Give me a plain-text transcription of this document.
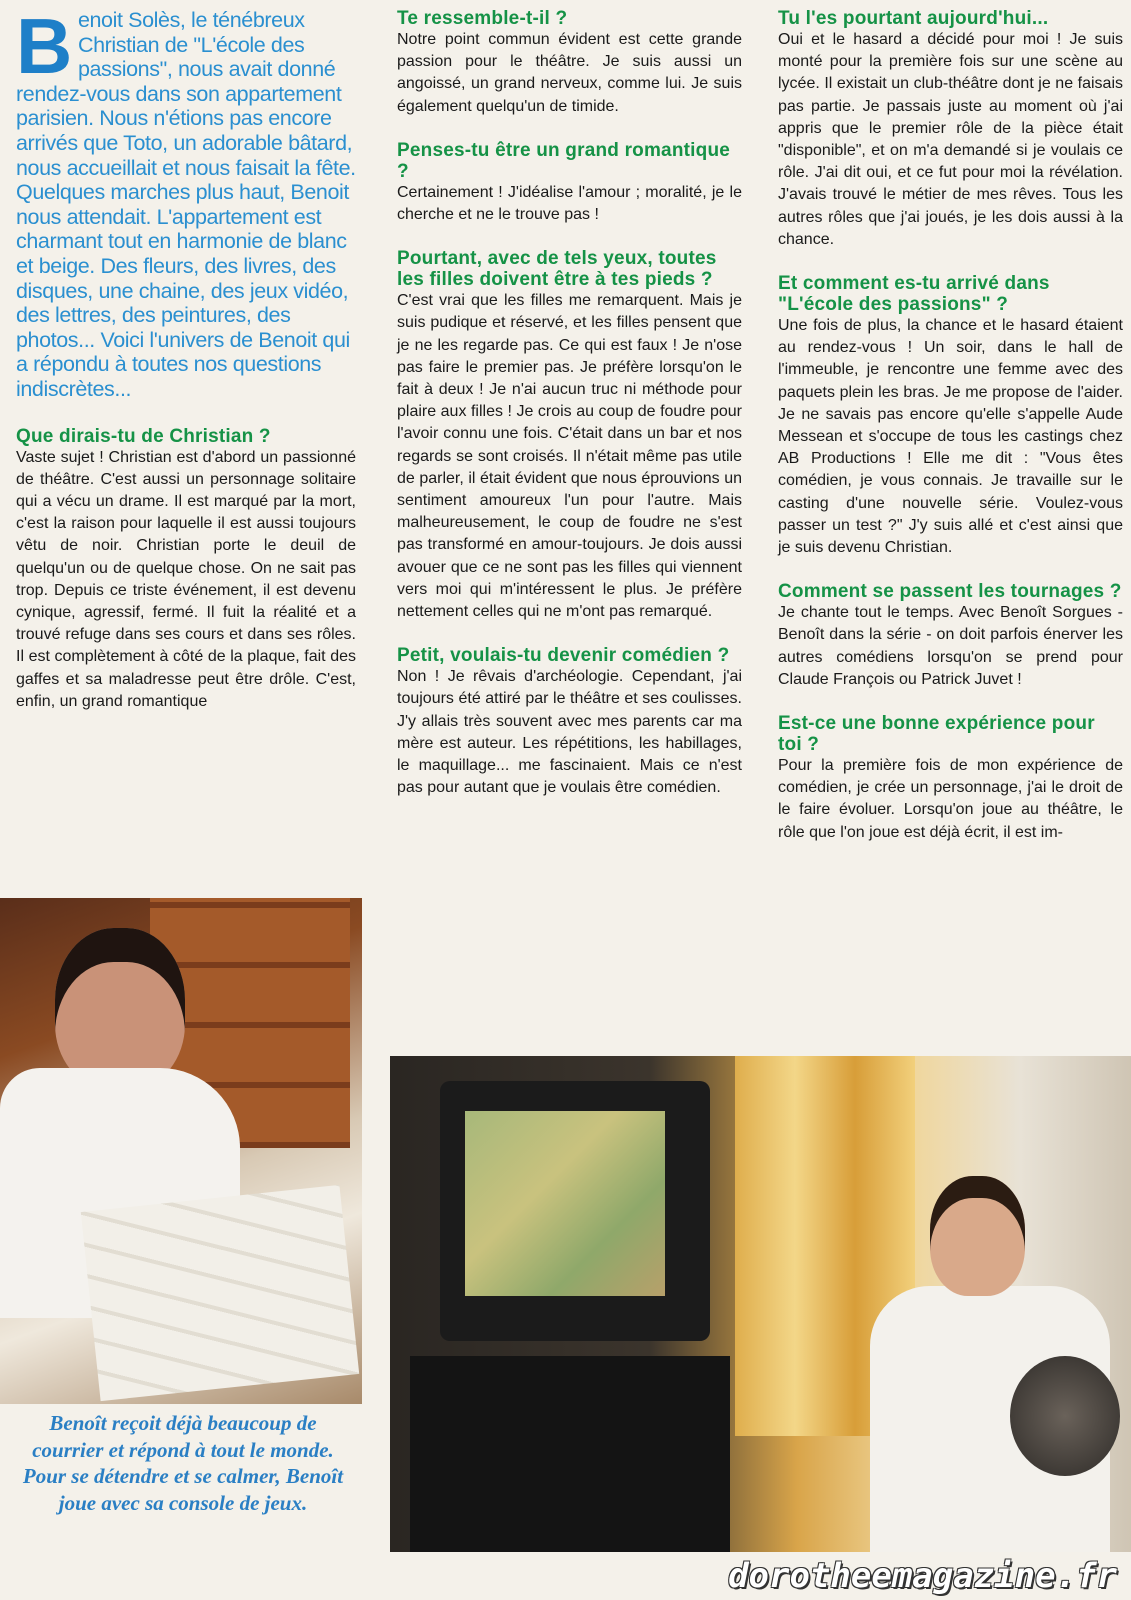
Benoit Solès, le ténébreux Christian de "L'école des passions", nous avait donné rendez-vous dans son appartement parisien. Nous n'étions pas encore arrivés que Toto, un adorable bâtard, nous accueillait et nous faisait la fête. Quelques marches plus haut, Benoit nous attendait. L'appartement est charmant tout en harmonie de blanc et beige. Des fleurs, des livres, des disques, une chaine, des jeux vidéo, des lettres, des peintures, des photos... Voici l'univers de Benoit qui a répondu à toutes nos questions indiscrètes...
Que dirais-tu de Christian ?

Vaste sujet ! Christian est d'abord un passionné de théâtre. C'est aussi un personnage solitaire qui a vécu un drame. Il est marqué par la mort, c'est la raison pour laquelle il est aussi toujours vêtu de noir. Christian porte le deuil de quelqu'un ou de quelque chose. On ne sait pas trop. Depuis ce triste événement, il est devenu cynique, agressif, fermé. Il fuit la réalité et a trouvé refuge dans ses cours et dans ses rôles. Il est complètement à côté de la plaque, fait des gaffes et sa maladresse peut être drôle. C'est, enfin, un grand romantique

Te ressemble-t-il ?

Notre point commun évident est cette grande passion pour le théâtre. Je suis aussi un angoissé, un grand nerveux, comme lui. Je suis également quelqu'un de timide.

Penses-tu être un grand romantique ?

Certainement ! J'idéalise l'amour ; moralité, je le cherche et ne le trouve pas !

Pourtant, avec de tels yeux, toutes les filles doivent être à tes pieds ?

C'est vrai que les filles me remarquent. Mais je suis pudique et réservé, et les filles pensent que je ne les regarde pas. Ce qui est faux ! Je n'ose pas faire le premier pas. Je préfère lorsqu'on le fait à deux ! Je n'ai aucun truc ni méthode pour plaire aux filles ! Je crois au coup de foudre pour l'avoir connu une fois. C'était dans un bar et nos regards se sont croisés. Il n'était même pas utile de parler, il était évident que nous éprouvions un sentiment amoureux l'un pour l'autre. Mais malheureusement, le coup de foudre ne s'est pas transformé en amour-toujours. Je dois aussi avouer que ce ne sont pas les filles qui viennent vers moi qui m'intéressent le plus. Je préfère nettement celles qui ne m'ont pas remarqué.

Petit, voulais-tu devenir comédien ?

Non ! Je rêvais d'archéologie. Cependant, j'ai toujours été attiré par le théâtre et ses coulisses. J'y allais très souvent avec mes parents car ma mère est auteur. Les répétitions, les habillages, le maquillage... me fascinaient. Mais ce n'est pas pour autant que je voulais être comédien.

Tu l'es pourtant aujourd'hui...

Oui et le hasard a décidé pour moi ! Je suis monté pour la première fois sur une scène au lycée. Il existait un club-théâtre dont je ne faisais pas partie. Je passais juste au moment où j'ai appris que le premier rôle de la pièce était "disponible", et on m'a demandé si je voulais ce rôle. J'ai dit oui, et ce fut pour moi la révélation. J'avais trouvé le métier de mes rêves. Tous les autres rôles que j'ai joués, je les dois aussi à la chance.

Et comment es-tu arrivé dans "L'école des passions" ?

Une fois de plus, la chance et le hasard étaient au rendez-vous ! Un soir, dans le hall de l'immeuble, je rencontre une femme avec des paquets plein les bras. Je me propose de l'aider. Je ne savais pas encore qu'elle s'appelle Aude Messean et s'occupe de tous les castings chez AB Productions ! Elle me dit : "Vous êtes comédien, je vous connais. Je travaille sur le casting d'une nouvelle série. Voulez-vous passer un test ?" J'y suis allé et c'est ainsi que je suis devenu Christian.

Comment se passent les tournages ?

Je chante tout le temps. Avec Benoît Sorgues - Benoît dans la série - on doit parfois énerver les autres comédiens lorsqu'on se prend pour Claude François ou Patrick Juvet !

Est-ce une bonne expérience pour toi ?

Pour la première fois de mon expérience de comédien, je crée un personnage, j'ai le droit de le faire évoluer. Lorsqu'on joue au théâtre, le rôle que l'on joue est déjà écrit, il est im-

Benoît reçoit déjà beaucoup de courrier et répond à tout le monde. Pour se détendre et se calmer, Benoît joue avec sa console de jeux.
dorotheemagazine.fr
